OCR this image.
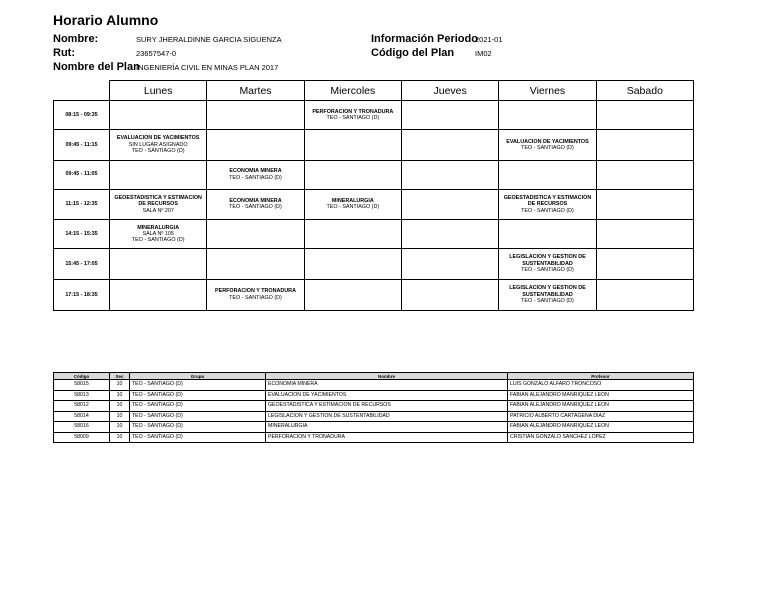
Horario Alumno
Nombre:	SURY JHERALDINNE GARCIA SIGUENZA
Rut:	23657547-0
Nombre del Plan
INGENIERÍA CIVIL EN MINAS PLAN 2017
Información Periodo
2021-01
Código del Plan	IM02
	Lunes	Martes	Miercoles	Jueves	Viernes	Sabado
08:15 - 09:35			PERFORACION Y TRONADURA
TEO - SANTIAGO (D)			

09:45 - 11:15	EVALUACION DE YACIMIENTOS
SIN LUGAR ASIGNADO
TEO - SANTIAGO (D)				EVALUACION DE YACIMIENTOS
TEO - SANTIAGO (D)	

09:45 - 11:05		ECONOMIA MINERA
TEO - SANTIAGO (D)				

11:15 - 12:35	GEOESTADISTICA Y ESTIMACION DE RECURSOS
SALA Nº 207	ECONOMIA MINERA
TEO - SANTIAGO (D)	MINERALURGIA
TEO - SANTIAGO (D)		GEOESTADISTICA Y ESTIMACION DE RECURSOS
TEO - SANTIAGO (D)	

14:15 - 15:35	MINERALURGIA
SALA Nº 105
TEO - SANTIAGO (D)					

15:45 - 17:05					LEGISLACION Y GESTION DE SUSTENTABILIDAD
TEO - SANTIAGO (D)	

17:15 - 18:35		PERFORACION Y TRONADURA
TEO - SANTIAGO (D)			LEGISLACION Y GESTION DE SUSTENTABILIDAD
TEO - SANTIAGO (D)	

Código	Sec	Grupo	Nombre	Profesor
58015	10	TEO - SANTIAGO (D)	ECONOMIA MINERA	LUIS GONZALO ALFARO TRONCOSO
58013	10	TEO - SANTIAGO (D)	EVALUACION DE YACIMIENTOS	FABIAN ALEJANDRO MANRIQUEZ LEON
58012	10	TEO - SANTIAGO (D)	GEOESTADISTICA Y ESTIMACION DE RECURSOS	FABIAN ALEJANDRO MANRIQUEZ LEON
58014	10	TEO - SANTIAGO (D)	LEGISLACION Y GESTION DE SUSTENTABILIDAD	PATRICIO ALBERTO CARTAGENA DIAZ
58016	10	TEO - SANTIAGO (D)	MINERALURGIA	FABIAN ALEJANDRO MANRIQUEZ LEON
58009	10	TEO - SANTIAGO (D)	PERFORACION Y TRONADURA	CRISTIAN GONZALO SANCHEZ LOPEZ
